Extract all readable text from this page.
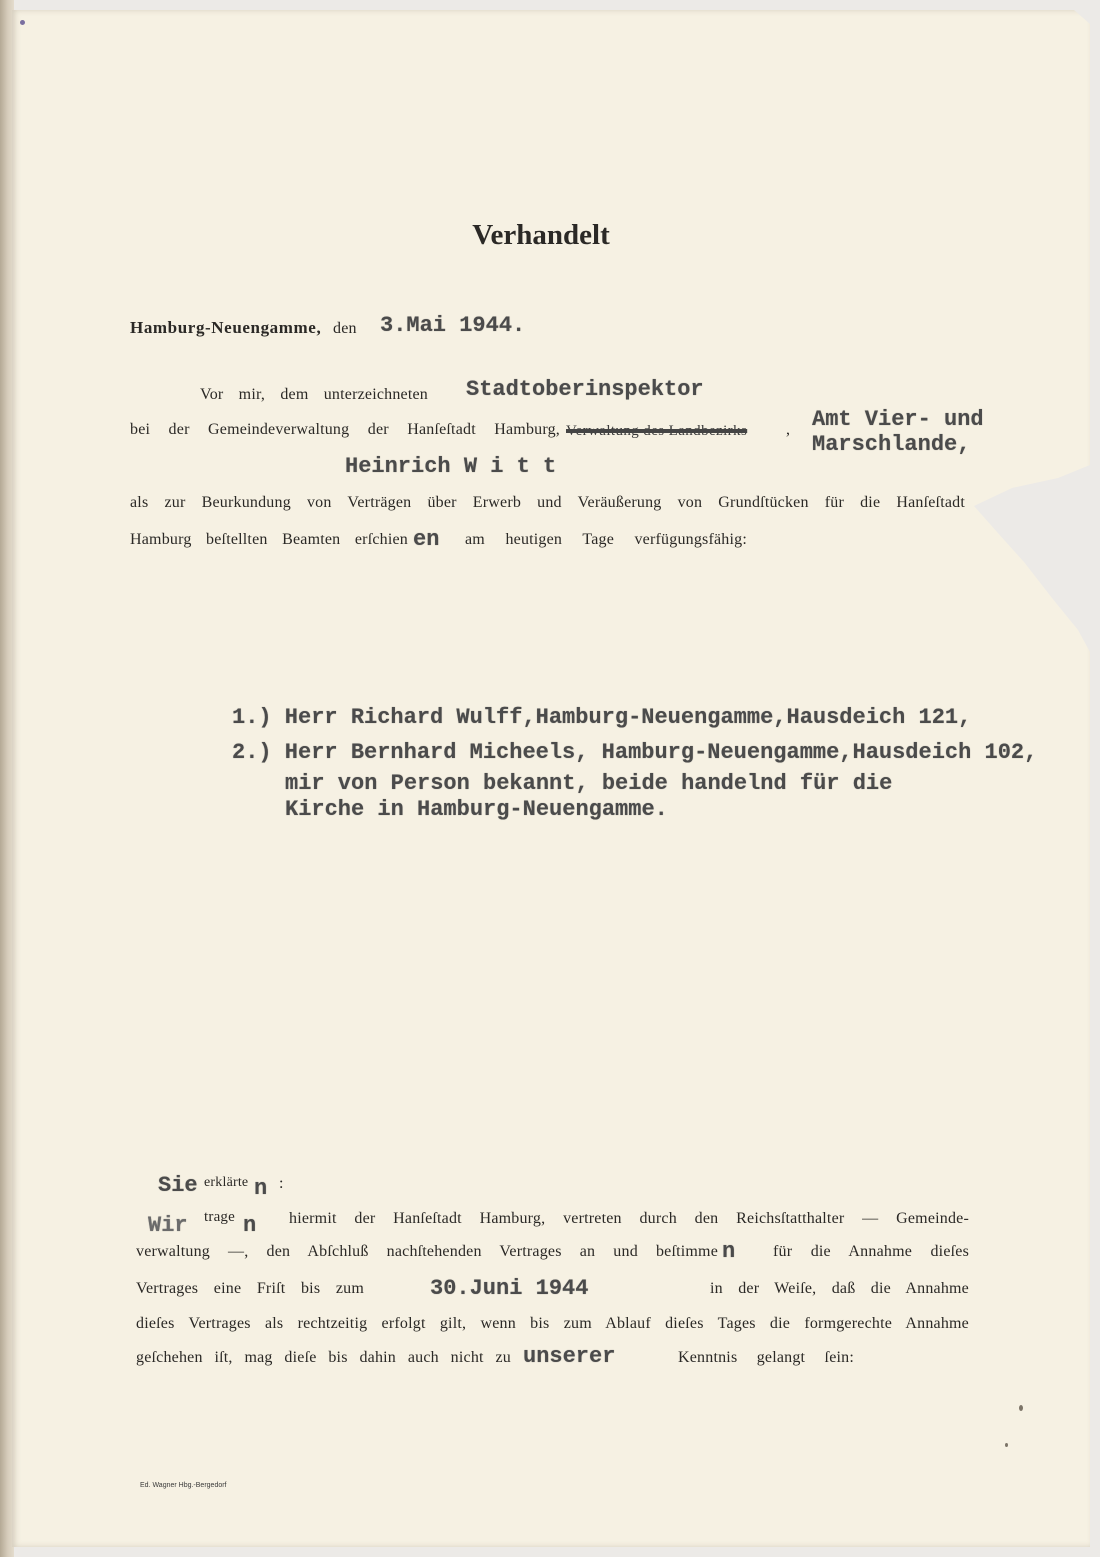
Verhandelt
Hamburg-Neuengamme, den 3.Mai 1944.
Vor mir, dem unterzeichneten Stadtoberinspektor
bei der Gemeindeverwaltung der Hanſeſtadt Hamburg, Verwaltung des Landbezirks , Amt Vier- und
Marschlande,
Heinrich W i t t
als zur Beurkundung von Verträgen über Erwerb und Veräußerung von Grundſtücken für die Hanſeſtadt
Hamburg beſtellten Beamten erſchien en am heutigen Tage verfügungsfähig:
1.) Herr Richard Wulff,Hamburg-Neuengamme,Hausdeich 121,
2.) Herr Bernhard Micheels, Hamburg-Neuengamme,Hausdeich 102,
mir von Person bekannt, beide handelnd für die
Kirche in Hamburg-Neuengamme.
Sie erklärte n :
Wir trage n hiermit der Hanſeſtadt Hamburg, vertreten durch den Reichsſtatthalter — Gemeinde-
verwaltung —, den Abſchluß nachſtehenden Vertrages an und beſtimme n für die Annahme dieſes
Vertrages eine Friſt bis zum	30.Juni 1944	in der Weiſe, daß die Annahme
dieſes Vertrages als rechtzeitig erfolgt gilt, wenn bis zum Ablauf dieſes Tages die formgerechte Annahme
geſchehen iſt, mag dieſe bis dahin auch nicht zu unserer	Kenntnis gelangt ſein:
Ed. Wagner Hbg.-Bergedorf
